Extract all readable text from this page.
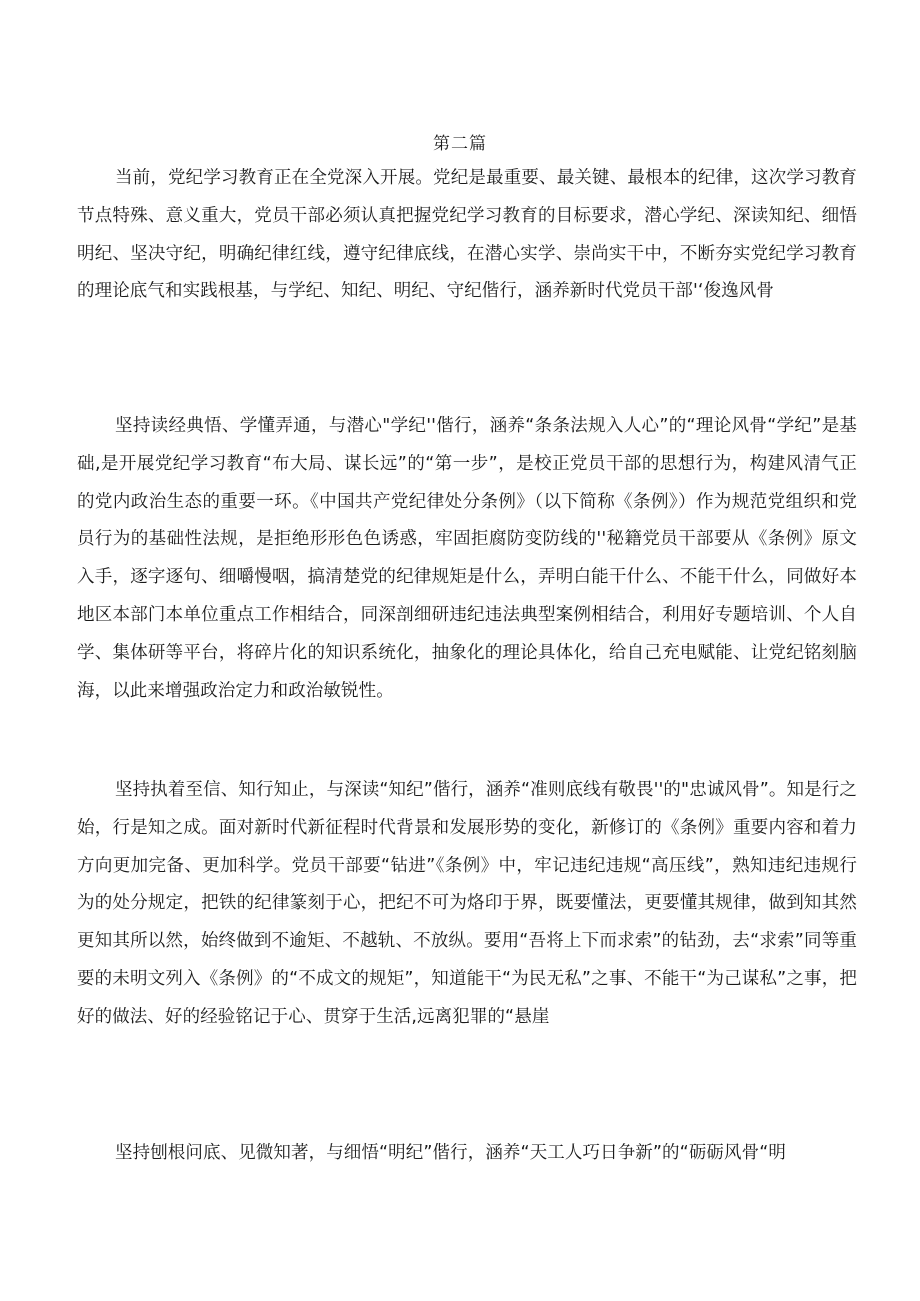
第二篇

当前，党纪学习教育正在全党深入开展。党纪是最重要、最关键、最根本的纪律，这次学习教育节点特殊、意义重大，党员干部必须认真把握党纪学习教育的目标要求，潜心学纪、深读知纪、细悟明纪、坚决守纪，明确纪律红线，遵守纪律底线，在潜心实学、崇尚实干中，不断夯实党纪学习教育的理论底气和实践根基，与学纪、知纪、明纪、守纪偕行，涵养新时代党员干部'‘俊逸风骨

坚持读经典悟、学懂弄通，与潜心"学纪''偕行，涵养“条条法规入人心”的“理论风骨“学纪”是基础,是开展党纪学习教育“布大局、谋长远”的“第一步”，是校正党员干部的思想行为，构建风清气正的党内政治生态的重要一环。《中国共产党纪律处分条例》（以下简称《条例》）作为规范党组织和党员行为的基础性法规，是拒绝形形色色诱惑，牢固拒腐防变防线的''秘籍党员干部要从《条例》原文入手，逐字逐句、细嚼慢咽，搞清楚党的纪律规矩是什么，弄明白能干什么、不能干什么，同做好本地区本部门本单位重点工作相结合，同深剖细研违纪违法典型案例相结合，利用好专题培训、个人自学、集体研等平台，将碎片化的知识系统化，抽象化的理论具体化，给自己充电赋能、让党纪铭刻脑海，以此来增强政治定力和政治敏锐性。

坚持执着至信、知行知止，与深读“知纪”偕行，涵养“准则底线有敬畏''的"忠诚风骨”。知是行之始，行是知之成。面对新时代新征程时代背景和发展形势的变化，新修订的《条例》重要内容和着力方向更加完备、更加科学。党员干部要“钻进”《条例》中，牢记违纪违规“高压线”，熟知违纪违规行为的处分规定，把铁的纪律篆刻于心，把纪不可为烙印于界，既要懂法，更要懂其规律，做到知其然更知其所以然，始终做到不逾矩、不越轨、不放纵。要用“吾将上下而求索”的钻劲，去“求索”同等重要的未明文列入《条例》的“不成文的规矩”，知道能干“为民无私”之事、不能干“为己谋私”之事，把好的做法、好的经验铭记于心、贯穿于生活,远离犯罪的“悬崖

坚持刨根问底、见微知著，与细悟“明纪”偕行，涵养“天工人巧日争新”的“砺砺风骨“明
